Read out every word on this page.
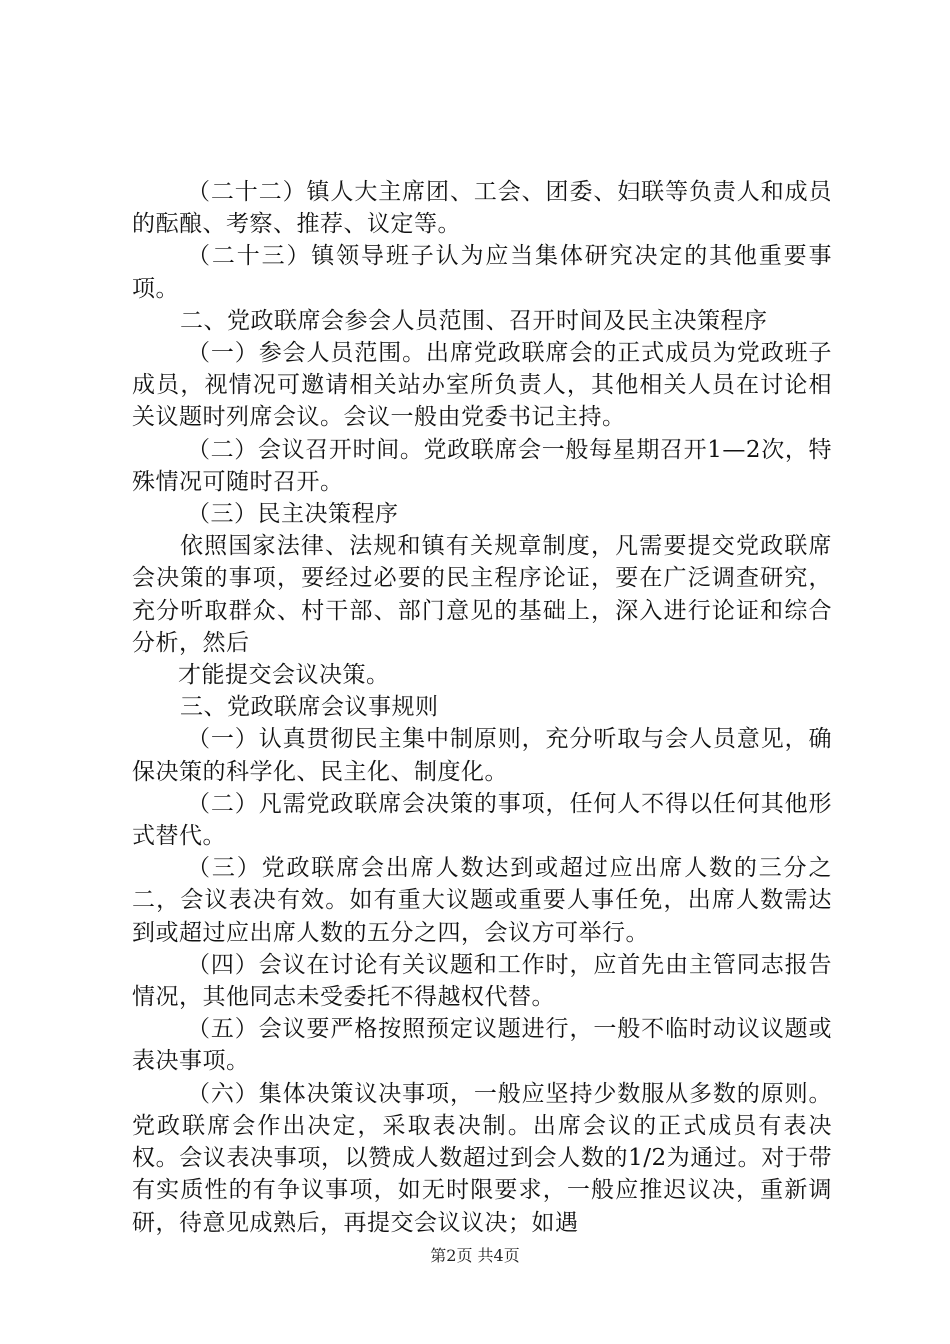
（二十二）镇人大主席团、工会、团委、妇联等负责人和成员的酝酿、考察、推荐、议定等。

（二十三）镇领导班子认为应当集体研究决定的其他重要事项。

二、党政联席会参会人员范围、召开时间及民主决策程序

（一）参会人员范围。出席党政联席会的正式成员为党政班子成员，视情况可邀请相关站办室所负责人，其他相关人员在讨论相关议题时列席会议。会议一般由党委书记主持。

（二）会议召开时间。党政联席会一般每星期召开1—2次，特殊情况可随时召开。

（三）民主决策程序

依照国家法律、法规和镇有关规章制度，凡需要提交党政联席会决策的事项，要经过必要的民主程序论证，要在广泛调查研究，充分听取群众、村干部、部门意见的基础上，深入进行论证和综合分析，然后

才能提交会议决策。

三、党政联席会议事规则

（一）认真贯彻民主集中制原则，充分听取与会人员意见，确保决策的科学化、民主化、制度化。

（二）凡需党政联席会决策的事项，任何人不得以任何其他形式替代。

（三）党政联席会出席人数达到或超过应出席人数的三分之二，会议表决有效。如有重大议题或重要人事任免，出席人数需达到或超过应出席人数的五分之四，会议方可举行。

（四）会议在讨论有关议题和工作时，应首先由主管同志报告情况，其他同志未受委托不得越权代替。

（五）会议要严格按照预定议题进行，一般不临时动议议题或表决事项。

（六）集体决策议决事项，一般应坚持少数服从多数的原则。党政联席会作出决定，采取表决制。出席会议的正式成员有表决权。会议表决事项，以赞成人数超过到会人数的1/2为通过。对于带有实质性的有争议事项，如无时限要求，一般应推迟议决，重新调研，待意见成熟后，再提交会议议决；如遇

第2页 共4页
